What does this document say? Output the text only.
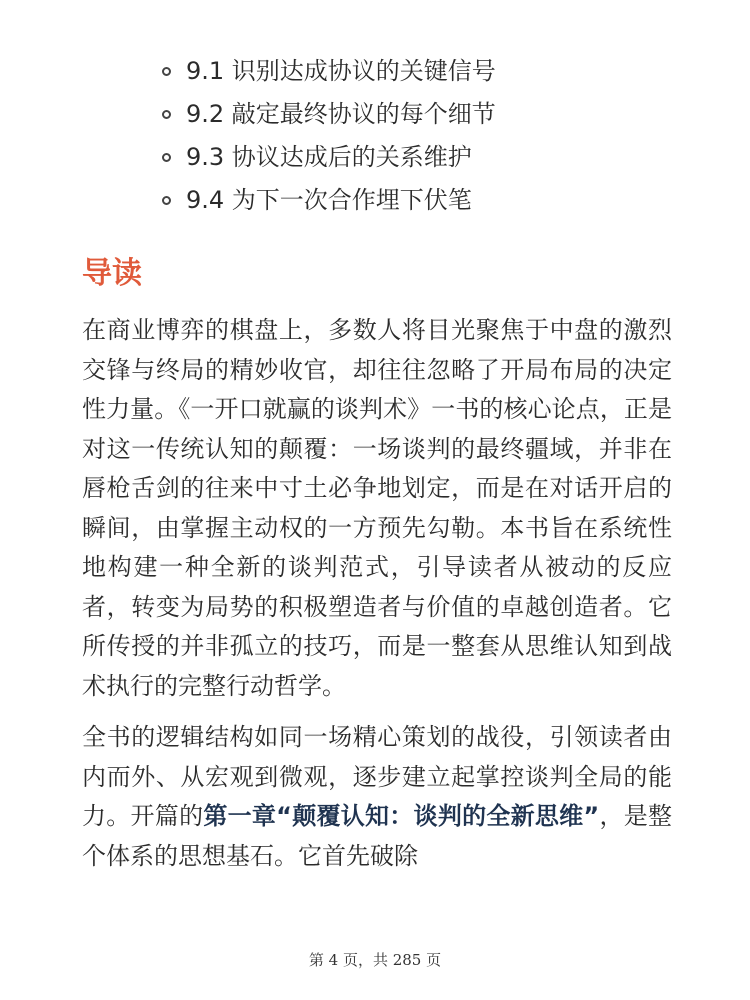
9.1 识别达成协议的关键信号
9.2 敲定最终协议的每个细节
9.3 协议达成后的关系维护
9.4 为下一次合作埋下伏笔
导读

在商业博弈的棋盘上，多数人将目光聚焦于中盘的激烈交锋与终局的精妙收官，却往往忽略了开局布局的决定性力量。《一开口就赢的谈判术》一书的核心论点，正是对这一传统认知的颠覆：一场谈判的最终疆域，并非在唇枪舌剑的往来中寸土必争地划定，而是在对话开启的瞬间，由掌握主动权的一方预先勾勒。本书旨在系统性地构建一种全新的谈判范式，引导读者从被动的反应者，转变为局势的积极塑造者与价值的卓越创造者。它所传授的并非孤立的技巧，而是一整套从思维认知到战术执行的完整行动哲学。

全书的逻辑结构如同一场精心策划的战役，引领读者由内而外、从宏观到微观，逐步建立起掌控谈判全局的能力。开篇的第一章“颠覆认知：谈判的全新思维”，是整个体系的思想基石。它首先破除

第 4 页，共 285 页
